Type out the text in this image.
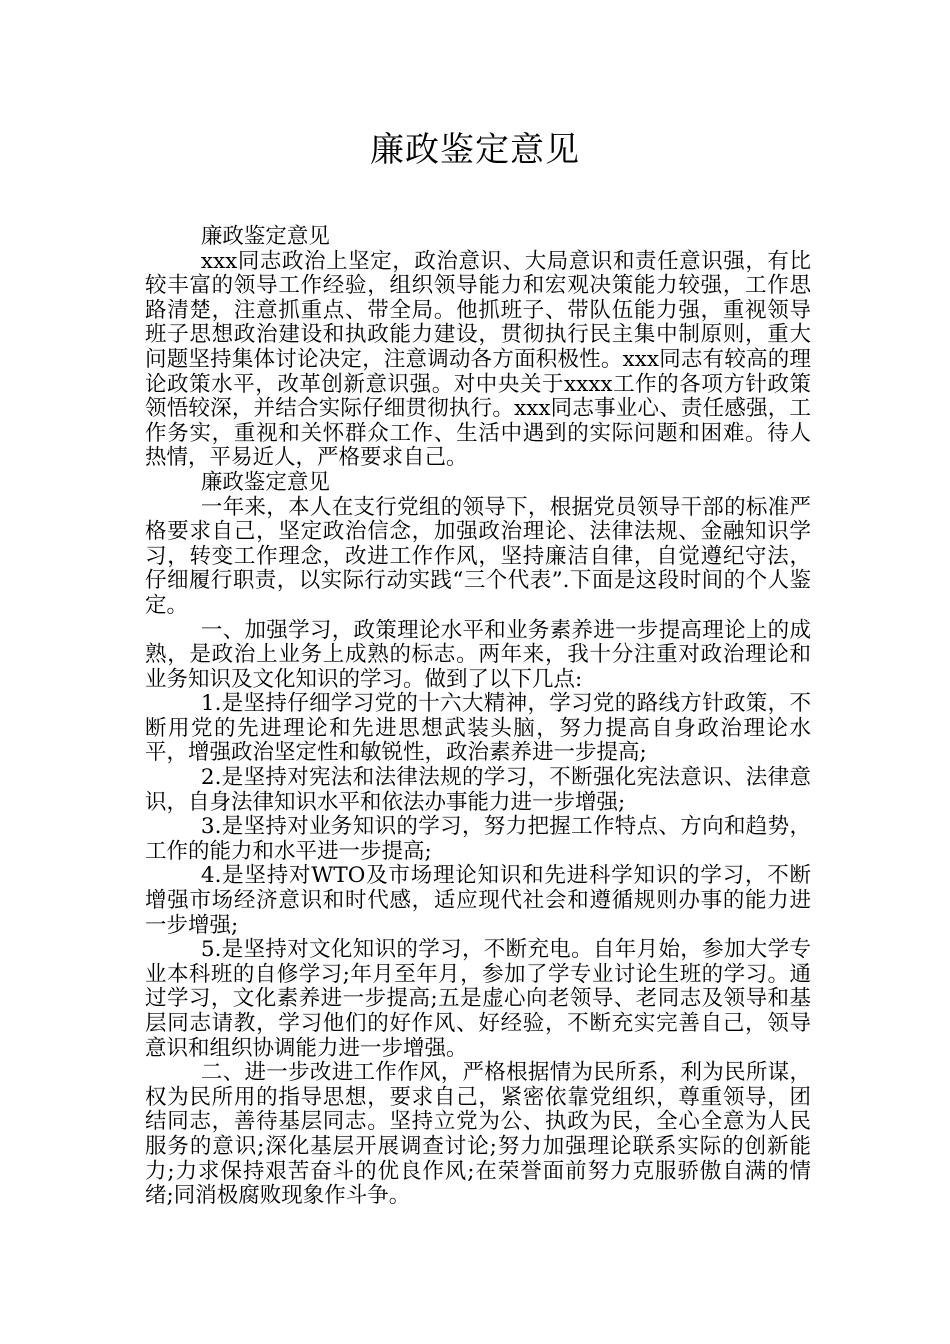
廉政鉴定意见

廉政鉴定意见

xxx同志政治上坚定，政治意识、大局意识和责任意识强，有比较丰富的领导工作经验，组织领导能力和宏观决策能力较强，工作思路清楚，注意抓重点、带全局。他抓班子、带队伍能力强，重视领导班子思想政治建设和执政能力建设，贯彻执行民主集中制原则，重大问题坚持集体讨论决定，注意调动各方面积极性。xxx同志有较高的理论政策水平，改革创新意识强。对中央关于xxxx工作的各项方针政策领悟较深，并结合实际仔细贯彻执行。xxx同志事业心、责任感强，工作务实，重视和关怀群众工作、生活中遇到的实际问题和困难。待人热情，平易近人，严格要求自己。

廉政鉴定意见

一年来，本人在支行党组的领导下，根据党员领导干部的标准严格要求自己，坚定政治信念，加强政治理论、法律法规、金融知识学习，转变工作理念，改进工作作风，坚持廉洁自律，自觉遵纪守法，仔细履行职责，以实际行动实践“三个代表”.下面是这段时间的个人鉴定。

一、加强学习，政策理论水平和业务素养进一步提高理论上的成熟，是政治上业务上成熟的标志。两年来，我十分注重对政治理论和业务知识及文化知识的学习。做到了以下几点:

1.是坚持仔细学习党的十六大精神，学习党的路线方针政策，不断用党的先进理论和先进思想武装头脑，努力提高自身政治理论水平，增强政治坚定性和敏锐性，政治素养进一步提高;

2.是坚持对宪法和法律法规的学习，不断强化宪法意识、法律意识，自身法律知识水平和依法办事能力进一步增强;

3.是坚持对业务知识的学习，努力把握工作特点、方向和趋势，工作的能力和水平进一步提高;

4.是坚持对WTO及市场理论知识和先进科学知识的学习，不断增强市场经济意识和时代感，适应现代社会和遵循规则办事的能力进一步增强;

5.是坚持对文化知识的学习，不断充电。自年月始，参加大学专业本科班的自修学习;年月至年月，参加了学专业讨论生班的学习。通过学习，文化素养进一步提高;五是虚心向老领导、老同志及领导和基层同志请教，学习他们的好作风、好经验，不断充实完善自己，领导意识和组织协调能力进一步增强。

二、进一步改进工作作风，严格根据情为民所系，利为民所谋，权为民所用的指导思想，要求自己，紧密依靠党组织，尊重领导，团结同志，善待基层同志。坚持立党为公、执政为民，全心全意为人民服务的意识;深化基层开展调查讨论;努力加强理论联系实际的创新能力;力求保持艰苦奋斗的优良作风;在荣誉面前努力克服骄傲自满的情绪;同消极腐败现象作斗争。
